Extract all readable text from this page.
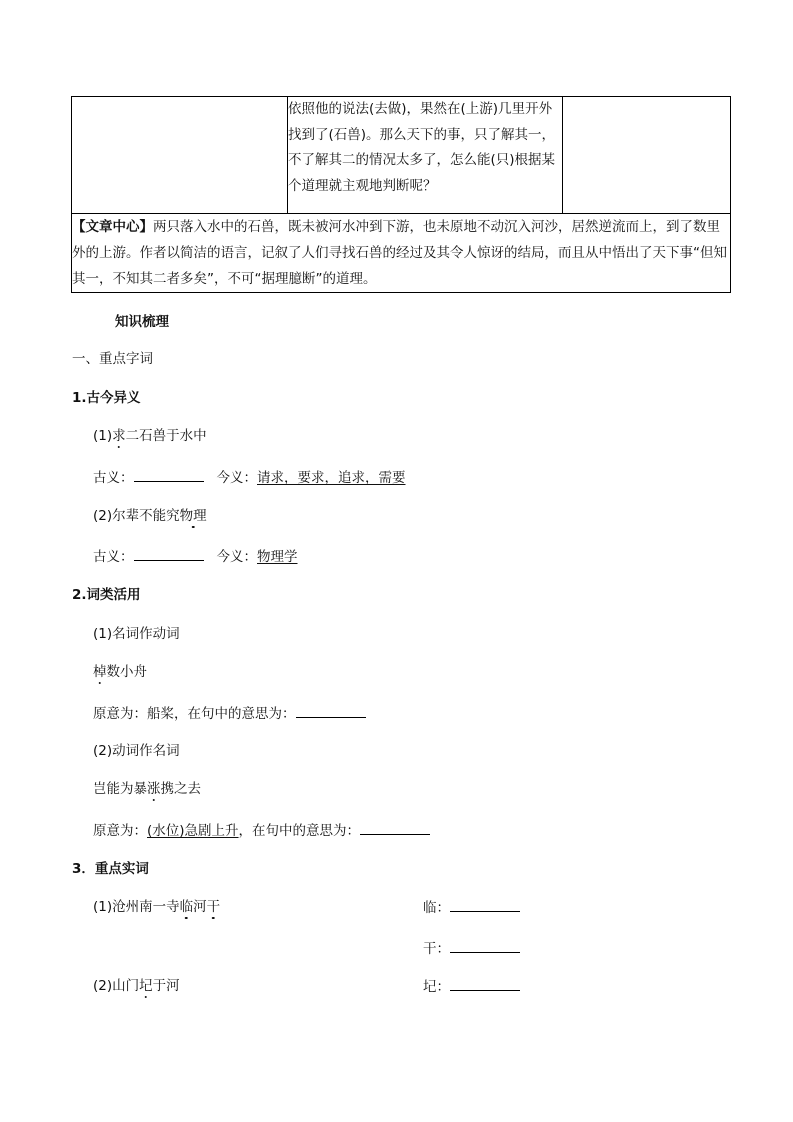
	依照他的说法(去做)，果然在(上游)几里开外找到了(石兽)。那么天下的事，只了解其一，不了解其二的情况太多了，怎么能(只)根据某个道理就主观地判断呢？	
【文章中心】两只落入水中的石兽，既未被河水冲到下游，也未原地不动沉入河沙，居然逆流而上，到了数里外的上游。作者以简洁的语言，记叙了人们寻找石兽的经过及其令人惊讶的结局，而且从中悟出了天下事“但知其一，不知其二者多矣”，不可“据理臆断”的道理。
知识梳理
一、重点字词
1.古今异义
(1)求二石兽于水中
古义：	今义：请求，要求，追求，需要
(2)尔辈不能究物理
古义：	今义：物理学
2.词类活用
(1)名词作动词
棹数小舟
原意为：船桨，在句中的意思为：
(2)动词作名词
岂能为暴涨携之去
原意为：(水位)急剧上升，在句中的意思为：
3．重点实词
(1)沧州南一寺临河干	临：
干：
(2)山门圮于河	圮：
